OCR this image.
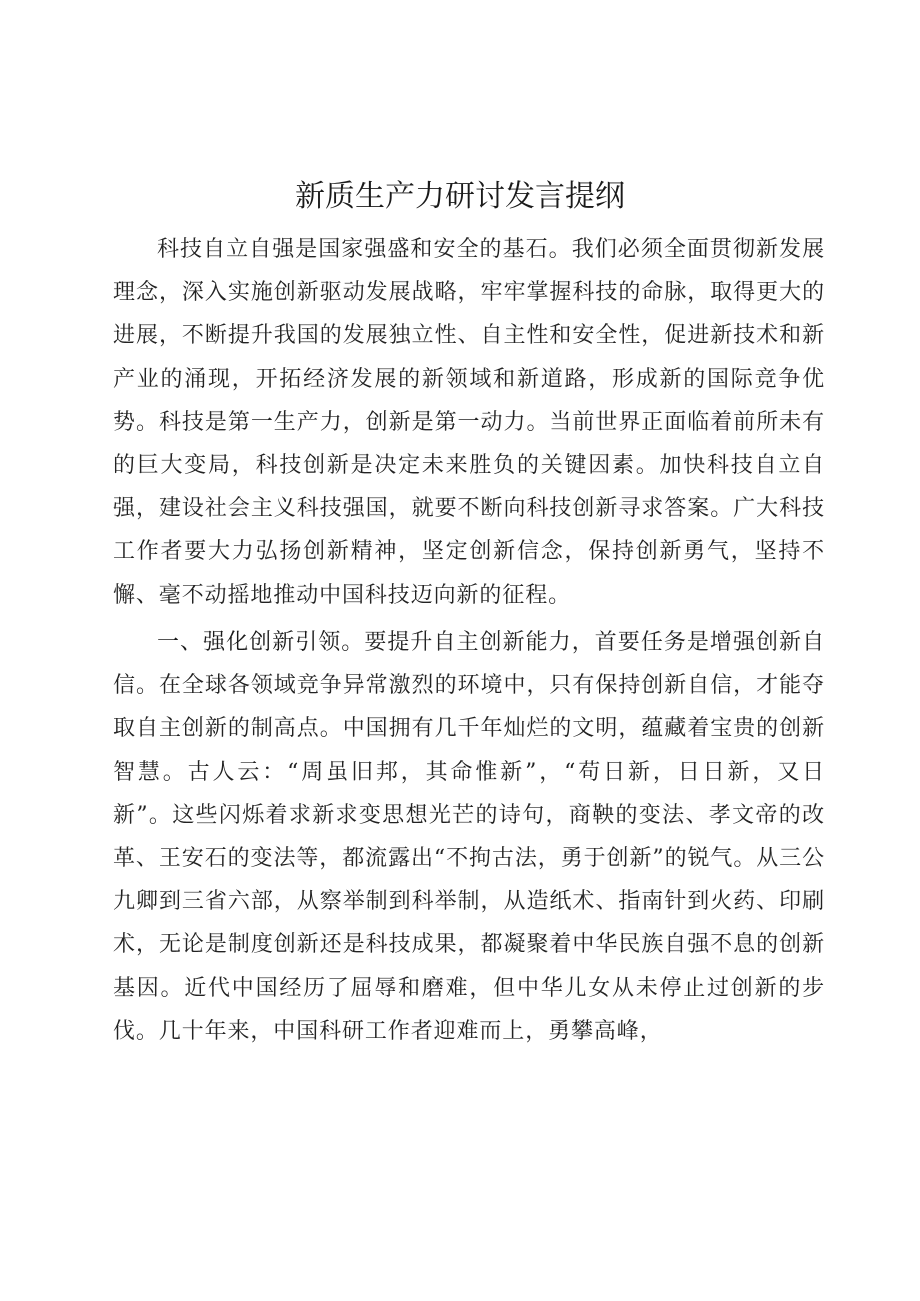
新质生产力研讨发言提纲

科技自立自强是国家强盛和安全的基石。我们必须全面贯彻新发展理念，深入实施创新驱动发展战略，牢牢掌握科技的命脉，取得更大的进展，不断提升我国的发展独立性、自主性和安全性，促进新技术和新产业的涌现，开拓经济发展的新领域和新道路，形成新的国际竞争优势。科技是第一生产力，创新是第一动力。当前世界正面临着前所未有的巨大变局，科技创新是决定未来胜负的关键因素。加快科技自立自强，建设社会主义科技强国，就要不断向科技创新寻求答案。广大科技工作者要大力弘扬创新精神，坚定创新信念，保持创新勇气，坚持不懈、毫不动摇地推动中国科技迈向新的征程。

一、强化创新引领。要提升自主创新能力，首要任务是增强创新自信。在全球各领域竞争异常激烈的环境中，只有保持创新自信，才能夺取自主创新的制高点。中国拥有几千年灿烂的文明，蕴藏着宝贵的创新智慧。古人云：“周虽旧邦，其命惟新”，“苟日新，日日新，又日新”。这些闪烁着求新求变思想光芒的诗句，商鞅的变法、孝文帝的改革、王安石的变法等，都流露出“不拘古法，勇于创新”的锐气。从三公九卿到三省六部，从察举制到科举制，从造纸术、指南针到火药、印刷术，无论是制度创新还是科技成果，都凝聚着中华民族自强不息的创新基因。近代中国经历了屈辱和磨难，但中华儿女从未停止过创新的步伐。几十年来，中国科研工作者迎难而上，勇攀高峰，
